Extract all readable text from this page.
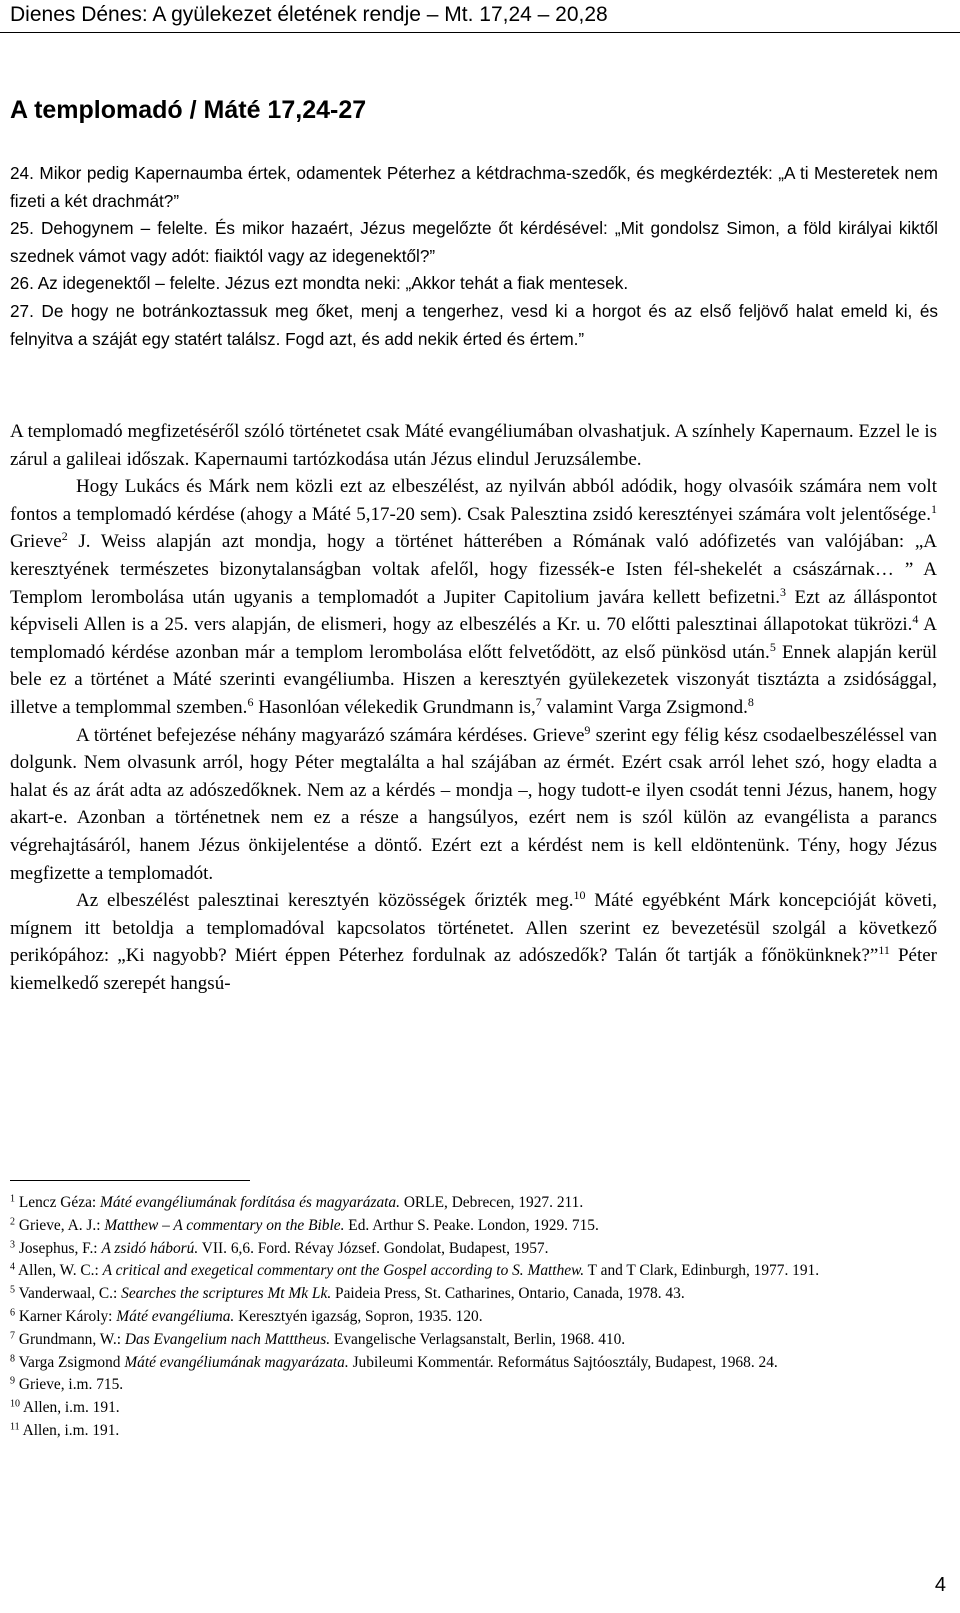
Dienes Dénes: A gyülekezet életének rendje – Mt. 17,24 – 20,28
A templomadó / Máté 17,24-27

24. Mikor pedig Kapernaumba értek, odamentek Péterhez a kétdrachma-szedők, és megkérdezték: „A ti Mesteretek nem fizeti a két drachmát?”

25. Dehogynem – felelte. És mikor hazaért, Jézus megelőzte őt kérdésével: „Mit gondolsz Simon, a föld királyai kiktől szednek vámot vagy adót: fiaiktól vagy az idegenektől?”

26. Az idegenektől – felelte. Jézus ezt mondta neki: „Akkor tehát a fiak mentesek.

27. De hogy ne botránkoztassuk meg őket, menj a tengerhez, vesd ki a horgot és az első feljövő halat emeld ki, és felnyitva a száját egy statért találsz. Fogd azt, és add nekik érted és értem.”

A templomadó megfizetéséről szóló történetet csak Máté evangéliumában olvashatjuk. A színhely Kapernaum. Ezzel le is zárul a galileai időszak. Kapernaumi tartózkodása után Jézus elindul Jeruzsálembe.

Hogy Lukács és Márk nem közli ezt az elbeszélést, az nyilván abból adódik, hogy olvasóik számára nem volt fontos a templomadó kérdése (ahogy a Máté 5,17-20 sem). Csak Palesztina zsidó keresztényei számára volt jelentősége.$^1$ Grieve$^2$ J. Weiss alapján azt mondja, hogy a történet hátterében a Rómának való adófizetés van valójában: „A keresztyének természetes bizonytalanságban voltak afelől, hogy fizessék-e Isten fél-shekelét a császárnak… ” A Templom lerombolása után ugyanis a templomadót a Jupiter Capitolium javára kellett befizetni.$^3$ Ezt az álláspontot képviseli Allen is a 25. vers alapján, de elismeri, hogy az elbeszélés a Kr. u. 70 előtti palesztinai állapotokat tükrözi.$^4$ A templomadó kérdése azonban már a templom lerombolása előtt felvetődött, az első pünkösd után.$^5$ Ennek alapján kerül bele ez a történet a Máté szerinti evangéliumba. Hiszen a keresztyén gyülekezetek viszonyát tisztázta a zsidósággal, illetve a templommal szemben.$^6$ Hasonlóan vélekedik Grundmann is,$^7$ valamint Varga Zsigmond.$^8$

A történet befejezése néhány magyarázó számára kérdéses. Grieve$^9$ szerint egy félig kész csodaelbeszéléssel van dolgunk. Nem olvasunk arról, hogy Péter megtalálta a hal szájában az érmét. Ezért csak arról lehet szó, hogy eladta a halat és az árát adta az adószedőknek. Nem az a kérdés – mondja –, hogy tudott-e ilyen csodát tenni Jézus, hanem, hogy akart-e. Azonban a történetnek nem ez a része a hangsúlyos, ezért nem is szól külön az evangélista a parancs végrehajtásáról, hanem Jézus önkijelentése a döntő. Ezért ezt a kérdést nem is kell eldöntenünk. Tény, hogy Jézus megfizette a templomadót.

Az elbeszélést palesztinai keresztyén közösségek őrizték meg.$^{10}$ Máté egyébként Márk koncepcióját követi, mígnem itt betoldja a templomadóval kapcsolatos történetet. Allen szerint ez bevezetésül szolgál a következő perikópához: „Ki nagyobb? Miért éppen Péterhez fordulnak az adószedők? Talán őt tartják a főnökünknek?”$^{11}$ Péter kiemelkedő szerepét hangsú-

$^1$ Lencz Géza: Máté evangéliumának fordítása és magyarázata. ORLE, Debrecen, 1927. 211.
$^2$ Grieve, A. J.: Matthew – A commentary on the Bible. Ed. Arthur S. Peake. London, 1929. 715.
$^3$ Josephus, F.: A zsidó háború. VII. 6,6. Ford. Révay József. Gondolat, Budapest, 1957.
$^4$ Allen, W. C.: A critical and exegetical commentary ont the Gospel according to S. Matthew. T and T Clark, Edinburgh, 1977. 191.
$^5$ Vanderwaal, C.: Searches the scriptures Mt Mk Lk. Paideia Press, St. Catharines, Ontario, Canada, 1978. 43.
$^6$ Karner Károly: Máté evangéliuma. Keresztyén igazság, Sopron, 1935. 120.
$^7$ Grundmann, W.: Das Evangelium nach Matttheus. Evangelische Verlagsanstalt, Berlin, 1968. 410.
$^8$ Varga Zsigmond Máté evangéliumának magyarázata. Jubileumi Kommentár. Református Sajtóosztály, Budapest, 1968. 24.
$^9$ Grieve, i.m. 715.
$^{10}$ Allen, i.m. 191.
$^{11}$ Allen, i.m. 191.
4
